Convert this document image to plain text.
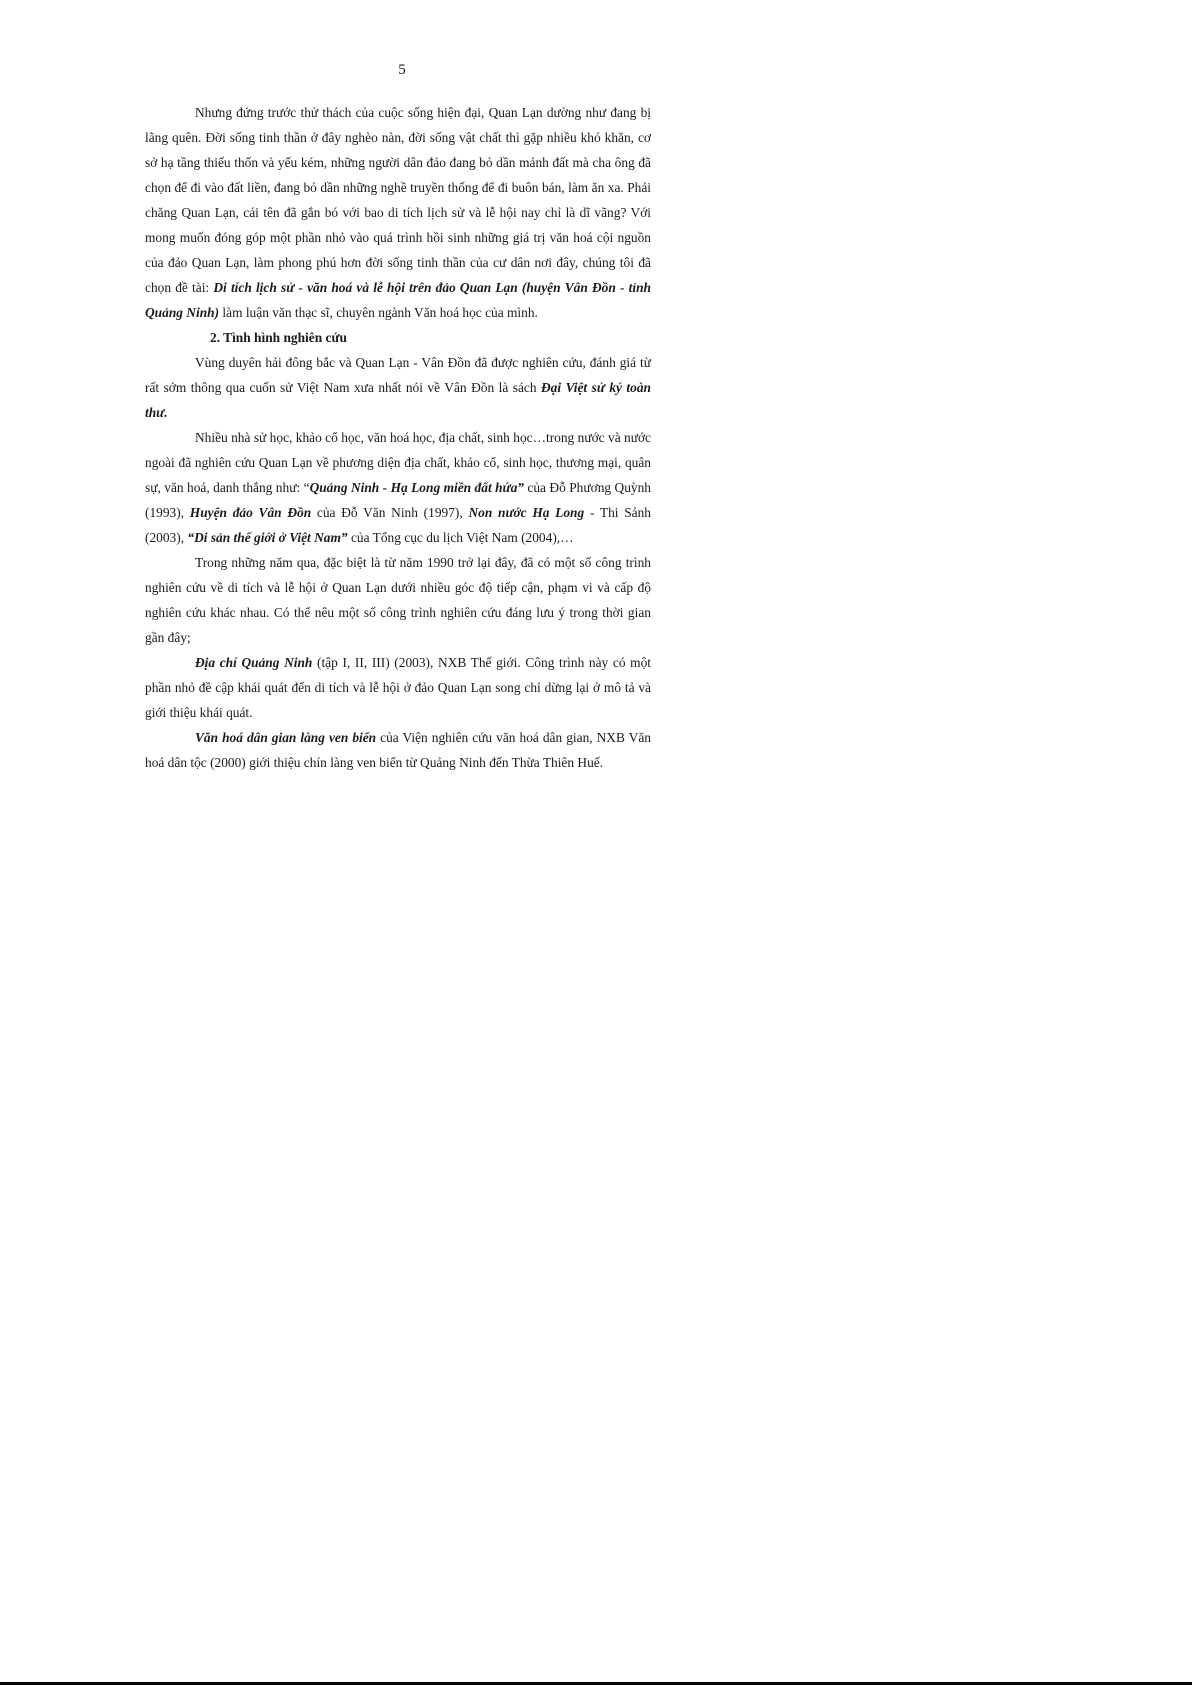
5

Nhưng đứng trước thử thách của cuộc sống hiện đại, Quan Lạn dường như đang bị lãng quên. Đời sống tinh thần ở đây nghèo nàn, đời sống vật chất thì gặp nhiều khó khăn, cơ sở hạ tầng thiếu thốn và yếu kém, những người dân đảo đang bỏ dần mảnh đất mà cha ông đã chọn để đi vào đất liền, đang bỏ dần những nghề truyền thống để đi buôn bán, làm ăn xa. Phải chăng Quan Lạn, cái tên đã gắn bó với bao di tích lịch sử và lễ hội nay chỉ là dĩ vãng? Với mong muốn đóng góp một phần nhỏ vào quá trình hồi sinh những giá trị văn hoá cội nguồn của đảo Quan Lạn, làm phong phú hơn đời sống tinh thần của cư dân nơi đây, chúng tôi đã chọn đề tài: Di tích lịch sử - văn hoá và lễ hội trên đảo Quan Lạn (huyện Vân Đồn - tỉnh Quảng Ninh) làm luận văn thạc sĩ, chuyên ngành Văn hoá học của mình.

2. Tình hình nghiên cứu

Vùng duyên hải đông bắc và Quan Lạn - Vân Đồn đã được nghiên cứu, đánh giá từ rất sớm thông qua cuốn sử Việt Nam xưa nhất nói về Vân Đồn là sách Đại Việt sử ký toàn thư.

Nhiều nhà sử học, khảo cổ học, văn hoá học, địa chất, sinh học…trong nước và nước ngoài đã nghiên cứu Quan Lạn về phương diện địa chất, khảo cổ, sinh học, thương mại, quân sự, văn hoá, danh thắng như: “Quảng Ninh - Hạ Long miền đất hứa” của Đỗ Phương Quỳnh (1993), Huyện đảo Vân Đồn của Đỗ Văn Ninh (1997), Non nước Hạ Long - Thi Sảnh (2003), “Di sản thế giới ở Việt Nam” của Tổng cục du lịch Việt Nam (2004),…

Trong những năm qua, đặc biệt là từ năm 1990 trở lại đây, đã có một số công trình nghiên cứu về di tích và lễ hội ở Quan Lạn dưới nhiều góc độ tiếp cận, phạm vi và cấp độ nghiên cứu khác nhau. Có thể nêu một số công trình nghiên cứu đáng lưu ý trong thời gian gần đây;

Địa chí Quảng Ninh (tập I, II, III) (2003), NXB Thế giới. Công trình này có một phần nhỏ đề cập khái quát đến di tích và lễ hội ở đảo Quan Lạn song chỉ dừng lại ở mô tả và giới thiệu khái quát.

Văn hoá dân gian làng ven biển của Viện nghiên cứu văn hoá dân gian, NXB Văn hoá dân tộc (2000) giới thiệu chín làng ven biển từ Quảng Ninh đến Thừa Thiên Huế.
